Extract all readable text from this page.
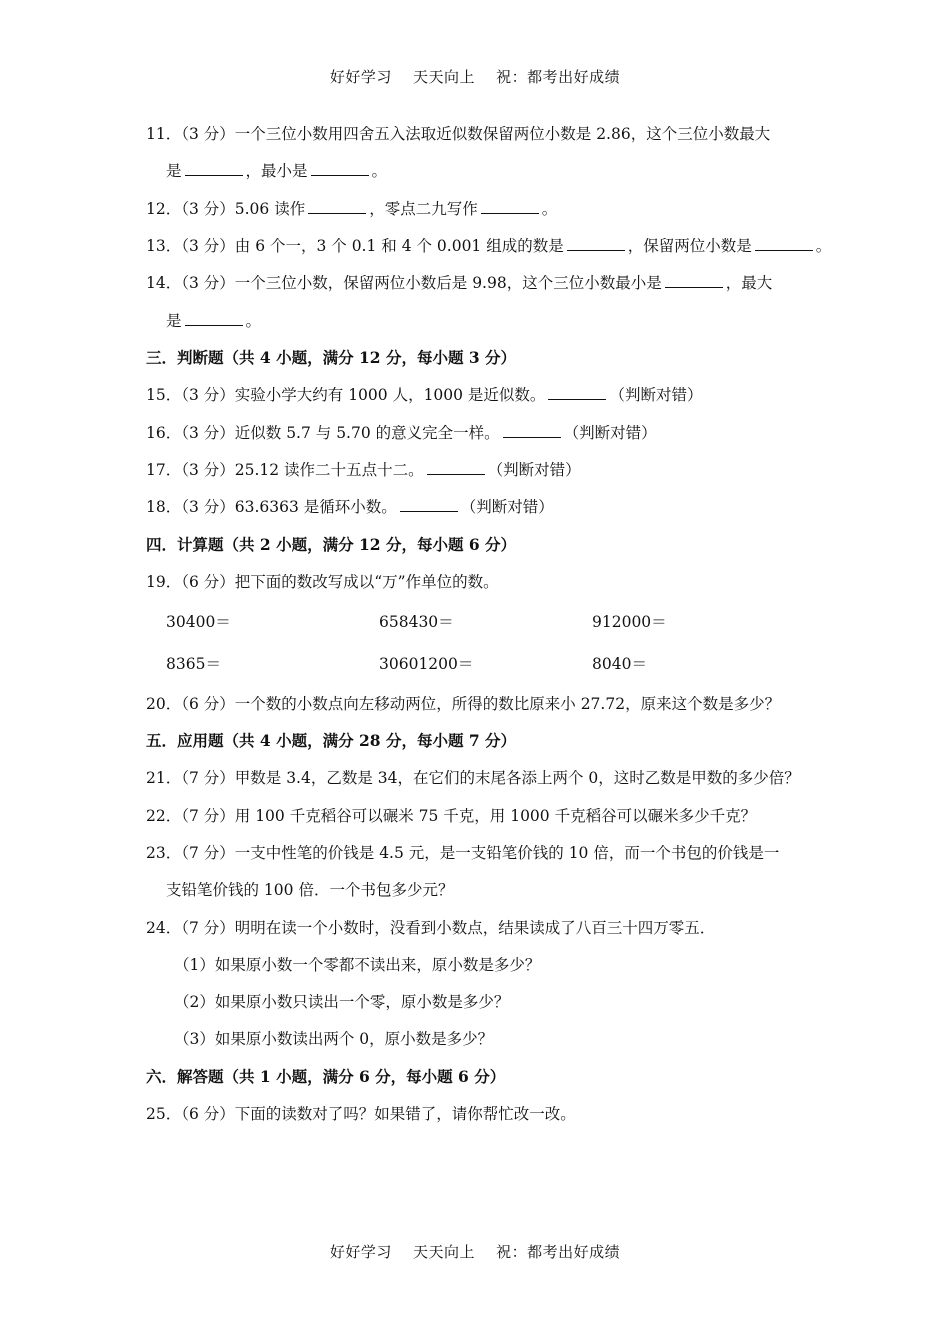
好好学习    天天向上    祝：都考出好成绩
11．（3 分）一个三位小数用四舍五入法取近似数保留两位小数是 2.86，这个三位小数最大
是	，最小是	。
12．（3 分）5.06 读作	，零点二九写作	。
13．（3 分）由 6 个一，3 个 0.1 和 4 个 0.001 组成的数是	，保留两位小数是	。
14．（3 分）一个三位小数，保留两位小数后是 9.98，这个三位小数最小是	，最大
是	。
三．判断题（共 4 小题，满分 12 分，每小题 3 分）
15．（3 分）实验小学大约有 1000 人，1000 是近似数。	（判断对错）
16．（3 分）近似数 5.7 与 5.70 的意义完全一样。	（判断对错）
17．（3 分）25.12 读作二十五点十二。	（判断对错）
18．（3 分）63.6363 是循环小数。	（判断对错）
四．计算题（共 2 小题，满分 12 分，每小题 6 分）
19．（6 分）把下面的数改写成以“万”作单位的数。
30400＝	658430＝	912000＝
8365＝	30601200＝	8040＝
20．（6 分）一个数的小数点向左移动两位，所得的数比原来小 27.72，原来这个数是多少？
五．应用题（共 4 小题，满分 28 分，每小题 7 分）
21．（7 分）甲数是 3.4，乙数是 34，在它们的末尾各添上两个 0，这时乙数是甲数的多少倍？
22．（7 分）用 100 千克稻谷可以碾米 75 千克，用 1000 千克稻谷可以碾米多少千克？
23．（7 分）一支中性笔的价钱是 4.5 元，是一支铅笔价钱的 10 倍，而一个书包的价钱是一
支铅笔价钱的 100 倍．一个书包多少元？
24．（7 分）明明在读一个小数时，没看到小数点，结果读成了八百三十四万零五．
（1）如果原小数一个零都不读出来，原小数是多少？
（2）如果原小数只读出一个零，原小数是多少？
（3）如果原小数读出两个 0，原小数是多少？
六．解答题（共 1 小题，满分 6 分，每小题 6 分）
25．（6 分）下面的读数对了吗？如果错了，请你帮忙改一改。
好好学习    天天向上    祝：都考出好成绩
